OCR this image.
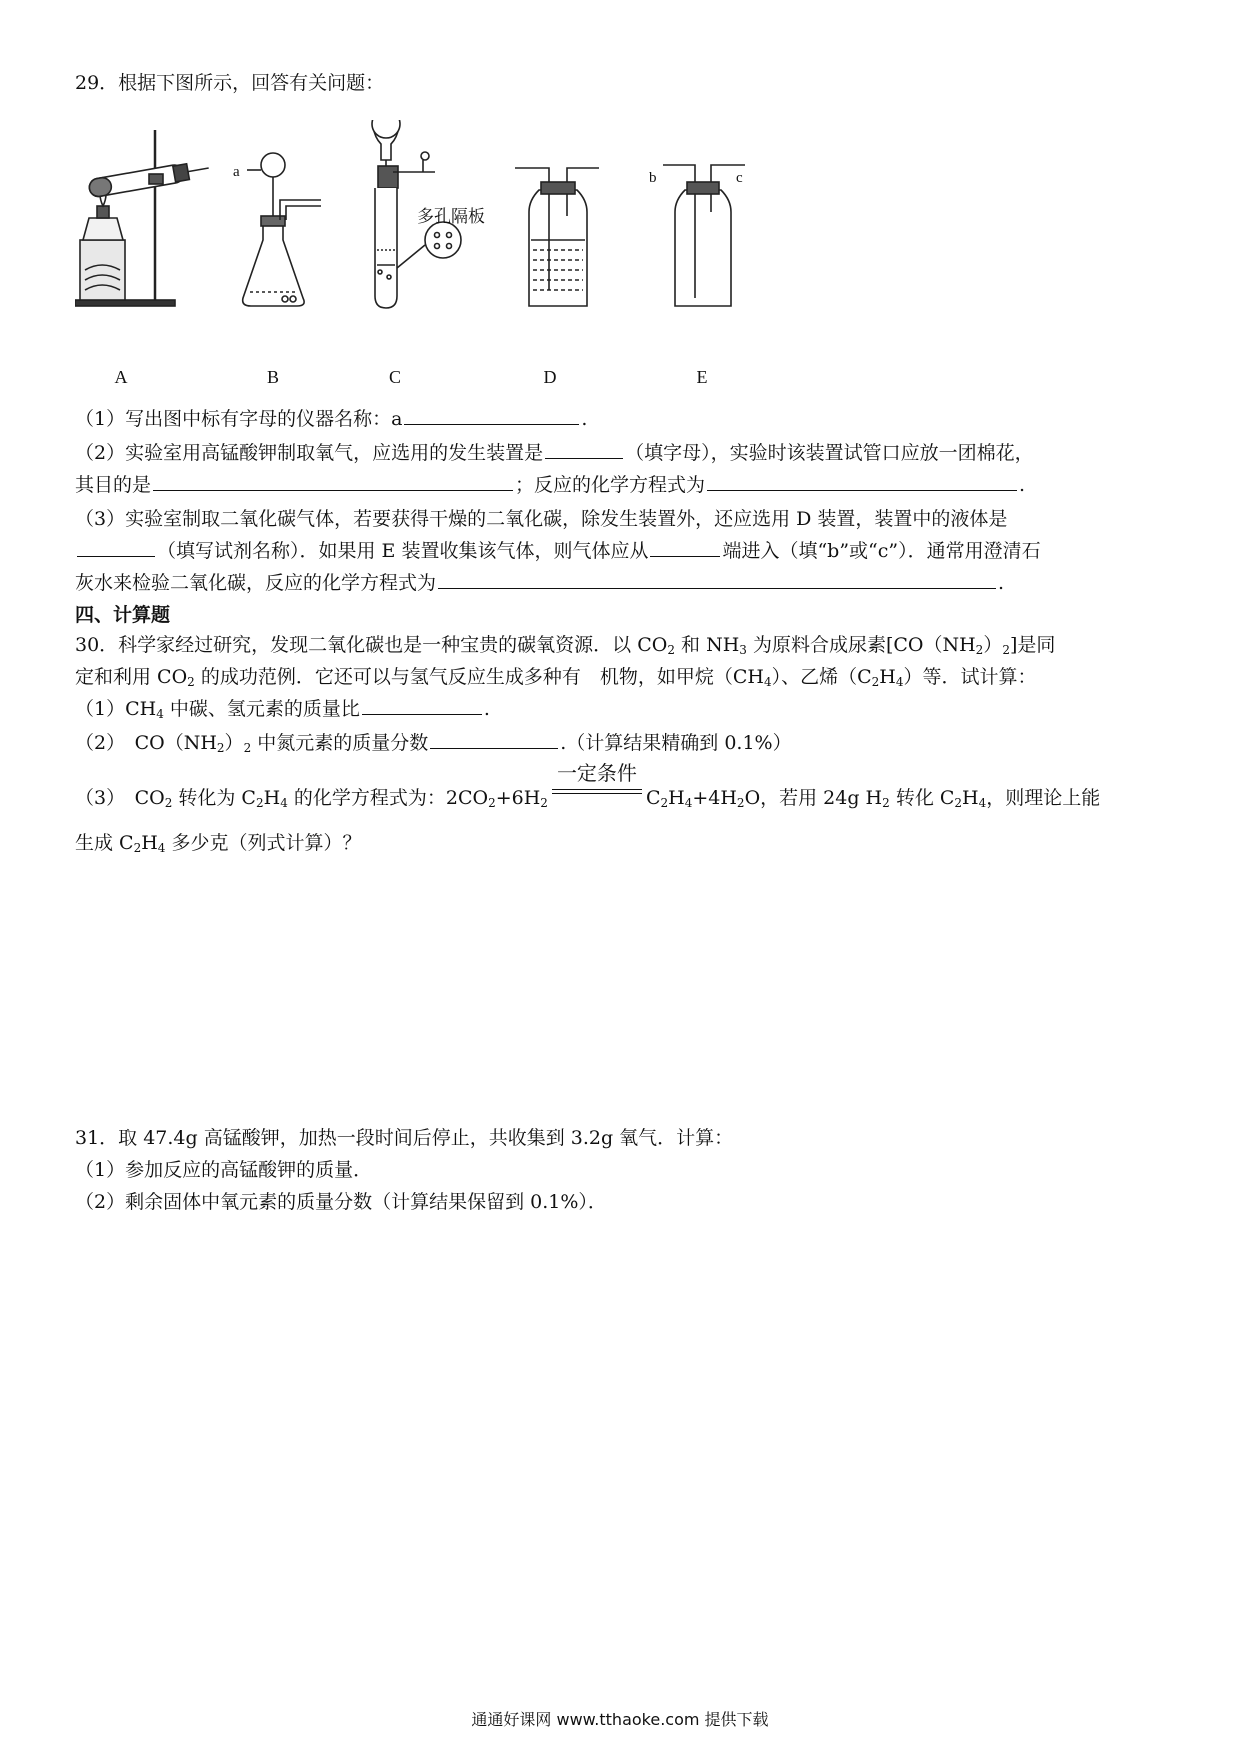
29．根据下图所示，回答有关问题：
a	b	c
多孔隔板
A	B	C	D	E
（1）写出图中标有字母的仪器名称：a	.
（2）实验室用高锰酸钾制取氧气，应选用的发生装置是	（填字母），实验时该装置试管口应放一团棉花，
其目的是	；反应的化学方程式为	.
（3）实验室制取二氧化碳气体，若要获得干燥的二氧化碳，除发生装置外，还应选用 D 装置，装置中的液体是
（填写试剂名称）．如果用 E 装置收集该气体，则气体应从	端进入（填“b”或“c”）．通常用澄清石
灰水来检验二氧化碳，反应的化学方程式为	.
四、计算题
30．科学家经过研究，发现二氧化碳也是一种宝贵的碳氧资源．以 $CO_2$ 和 $NH_3$ 为原料合成尿素$[CO(NH_2)_2]$是同
定和利用 $CO_2$ 的成功范例．它还可以与氢气反应生成多种有　机物，如甲烷$(CH_4)$、乙烯$(C_2H_4)$等．试计算：
$(1)CH_4$ 中碳、氢元素的质量比	.
（2）　$CO(NH_2)_2$ 中氮元素的质量分数	.（计算结果精确到 0.1%）
（3）　$CO_2$ 转化为 $C_2H_4$ 的化学方程式为：$2CO_2+6H_2$
一定条件
$C_2H_4+4H_2O$，若用 24g $H_2$ 转化 $C_2H_4$，则理论上能
生成 $C_2H_4$ 多少克（列式计算）？
31．取 47.4g 高锰酸钾，加热一段时间后停止，共收集到 3.2g 氧气．计算：
（1）参加反应的高锰酸钾的质量．
（2）剩余固体中氧元素的质量分数（计算结果保留到 0.1%）．
通通好课网 www.tthaoke.com 提供下载
